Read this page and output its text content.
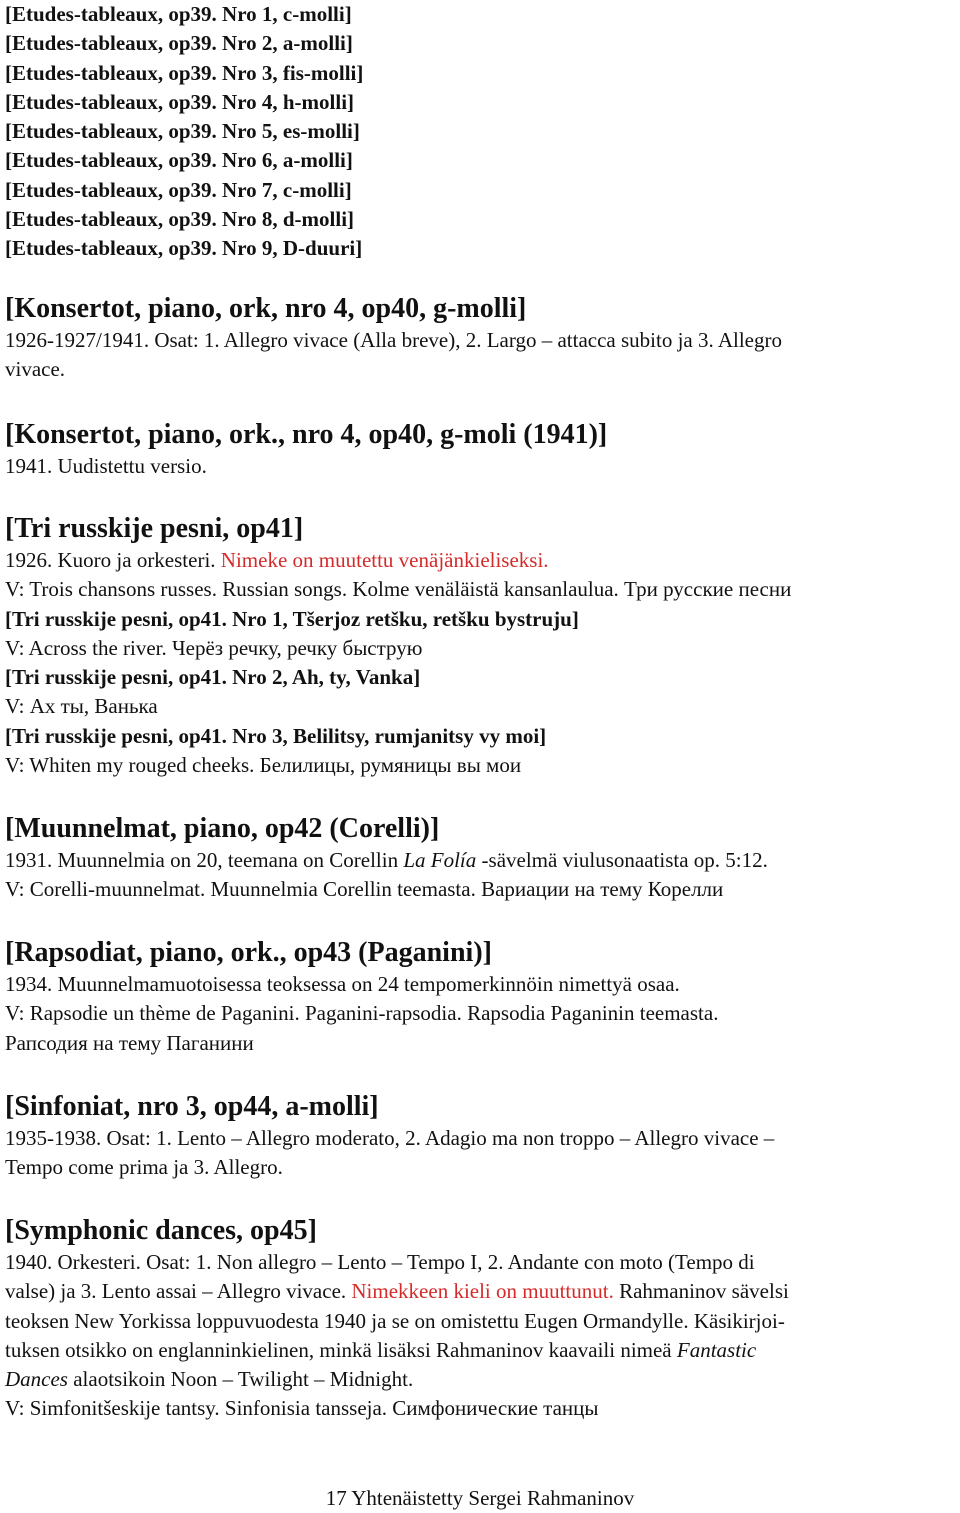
[Etudes-tableaux, op39. Nro 1, c-molli]
[Etudes-tableaux, op39. Nro 2, a-molli]
[Etudes-tableaux, op39. Nro 3, fis-molli]
[Etudes-tableaux, op39. Nro 4, h-molli]
[Etudes-tableaux, op39. Nro 5, es-molli]
[Etudes-tableaux, op39. Nro 6, a-molli]
[Etudes-tableaux, op39. Nro 7, c-molli]
[Etudes-tableaux, op39. Nro 8, d-molli]
[Etudes-tableaux, op39. Nro 9, D-duuri]
[Konsertot, piano, ork, nro 4, op40, g-molli]
1926-1927/1941. Osat: 1. Allegro vivace (Alla breve), 2. Largo – attacca subito ja 3. Allegro
vivace.
[Konsertot, piano, ork., nro 4, op40, g-moli (1941)]
1941. Uudistettu versio.
[Tri russkije pesni, op41]
1926. Kuoro ja orkesteri. Nimeke on muutettu venäjänkieliseksi.
V: Trois chansons russes. Russian songs. Kolme venäläistä kansanlaulua. Три русские песни
[Tri russkije pesni, op41. Nro 1, Tšerjoz retšku, retšku bystruju]
V: Across the river. Черёз речку, речку быструю
[Tri russkije pesni, op41. Nro 2, Ah, ty, Vanka]
V: Ах ты, Ванька
[Tri russkije pesni, op41. Nro 3, Belilitsy, rumjanitsy vy moi]
V: Whiten my rouged cheeks. Белилицы, румяницы вы мои
[Muunnelmat, piano, op42 (Corelli)]
1931. Muunnelmia on 20, teemana on Corellin La Folía -sävelmä viulusonaatista op. 5:12.
V: Corelli-muunnelmat. Muunnelmia Corellin teemasta. Вариации на тему Корелли
[Rapsodiat, piano, ork., op43 (Paganini)]
1934. Muunnelmamuotoisessa teoksessa on 24 tempomerkinnöin nimettyä osaa.
V: Rapsodie un thème de Paganini. Paganini-rapsodia. Rapsodia Paganinin teemasta.
Рапсодия на тему Паганини
[Sinfoniat, nro 3, op44, a-molli]
1935-1938. Osat: 1. Lento – Allegro moderato, 2. Adagio ma non troppo – Allegro vivace –
Tempo come prima ja 3. Allegro.
[Symphonic dances, op45]
1940. Orkesteri. Osat: 1. Non allegro – Lento – Tempo I, 2. Andante con moto (Tempo di
valse) ja 3. Lento assai – Allegro vivace. Nimekkeen kieli on muuttunut. Rahmaninov sävelsi
teoksen New Yorkissa loppuvuodesta 1940 ja se on omistettu Eugen Ormandylle. Käsikirjoi-
tuksen otsikko on englanninkielinen, minkä lisäksi Rahmaninov kaavaili nimeä Fantastic
Dances alaotsikoin Noon – Twilight – Midnight.
V: Simfonitšeskije tantsy. Sinfonisia tansseja. Симфонические танцы
17 Yhtenäistetty Sergei Rahmaninov
